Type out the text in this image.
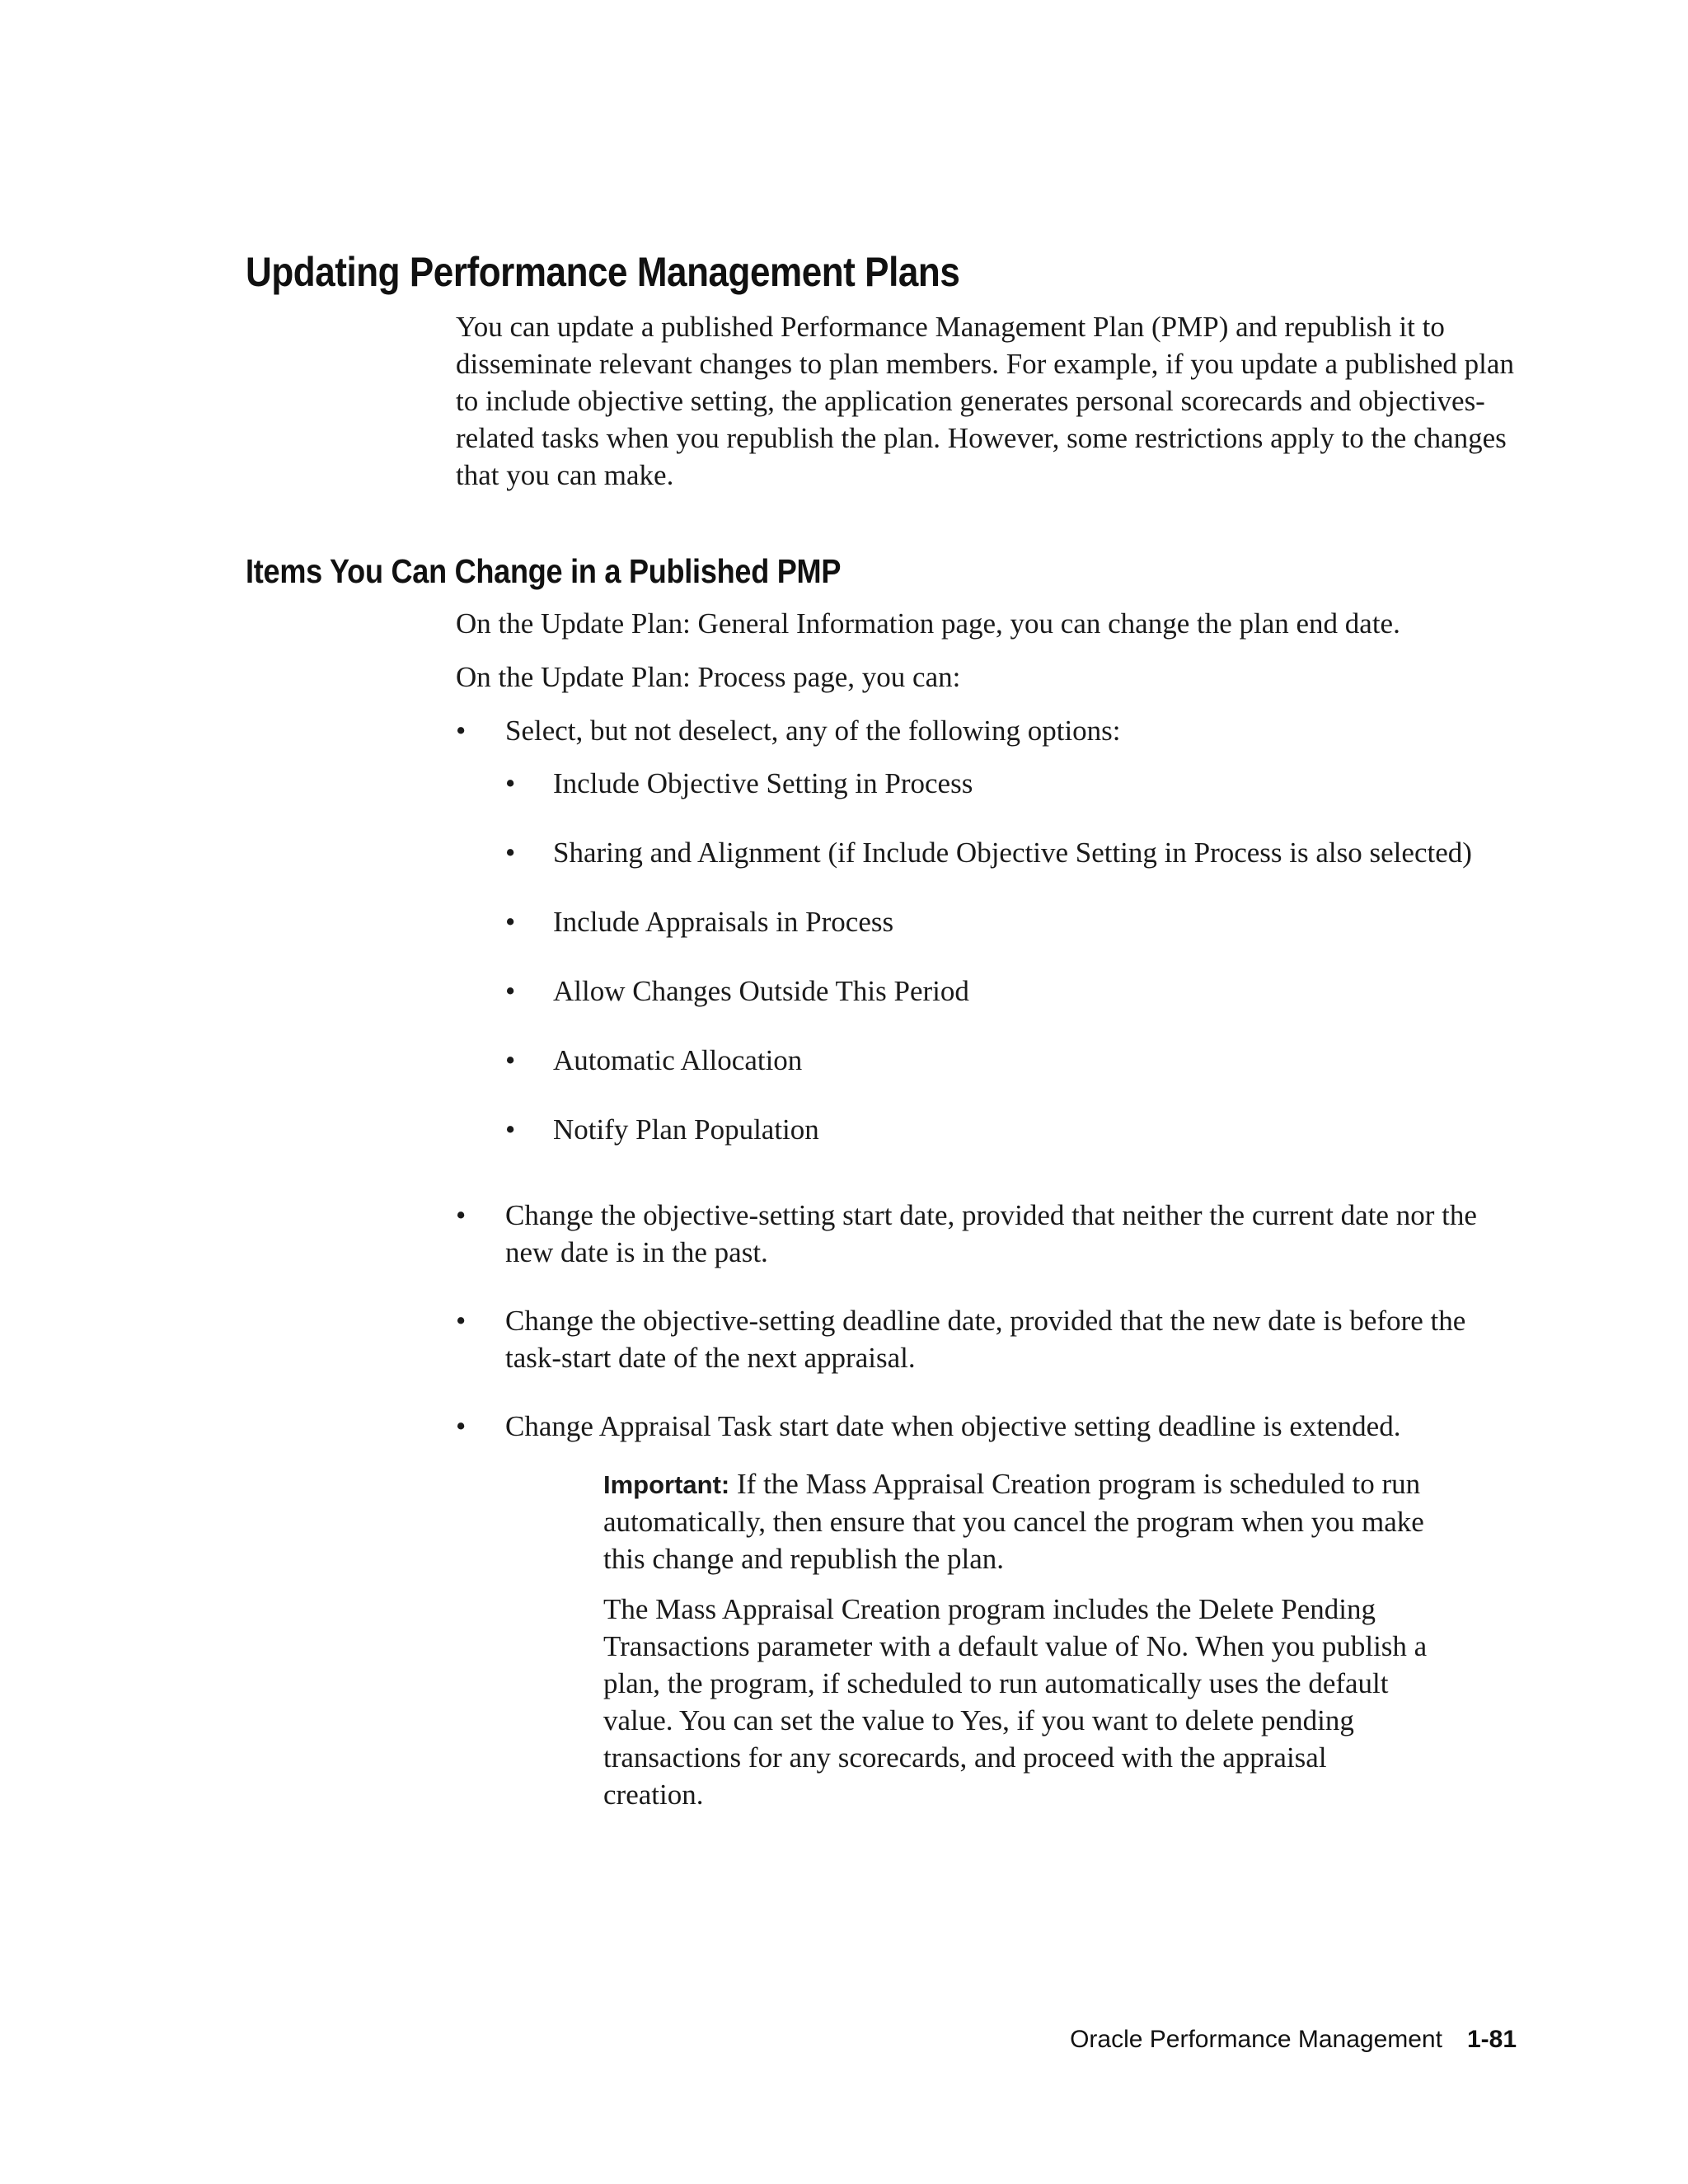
Updating Performance Management Plans

You can update a published Performance Management Plan (PMP) and republish it to disseminate relevant changes to plan members. For example, if you update a published plan to include objective setting, the application generates personal scorecards and objectives-related tasks when you republish the plan. However, some restrictions apply to the changes that you can make.

Items You Can Change in a Published PMP

On the Update Plan: General Information page, you can change the plan end date.

On the Update Plan: Process page, you can:

• Select, but not deselect, any of the following options:
• Include Objective Setting in Process
• Sharing and Alignment (if Include Objective Setting in Process is also selected)
• Include Appraisals in Process
• Allow Changes Outside This Period
• Automatic Allocation
• Notify Plan Population
• Change the objective-setting start date, provided that neither the current date nor the new date is in the past.
• Change the objective-setting deadline date, provided that the new date is before the task-start date of the next appraisal.
• Change Appraisal Task start date when objective setting deadline is extended.

Important: If the Mass Appraisal Creation program is scheduled to run automatically, then ensure that you cancel the program when you make this change and republish the plan.

The Mass Appraisal Creation program includes the Delete Pending Transactions parameter with a default value of No. When you publish a plan, the program, if scheduled to run automatically uses the default value. You can set the value to Yes, if you want to delete pending transactions for any scorecards, and proceed with the appraisal creation.

Oracle Performance Management 1-81
